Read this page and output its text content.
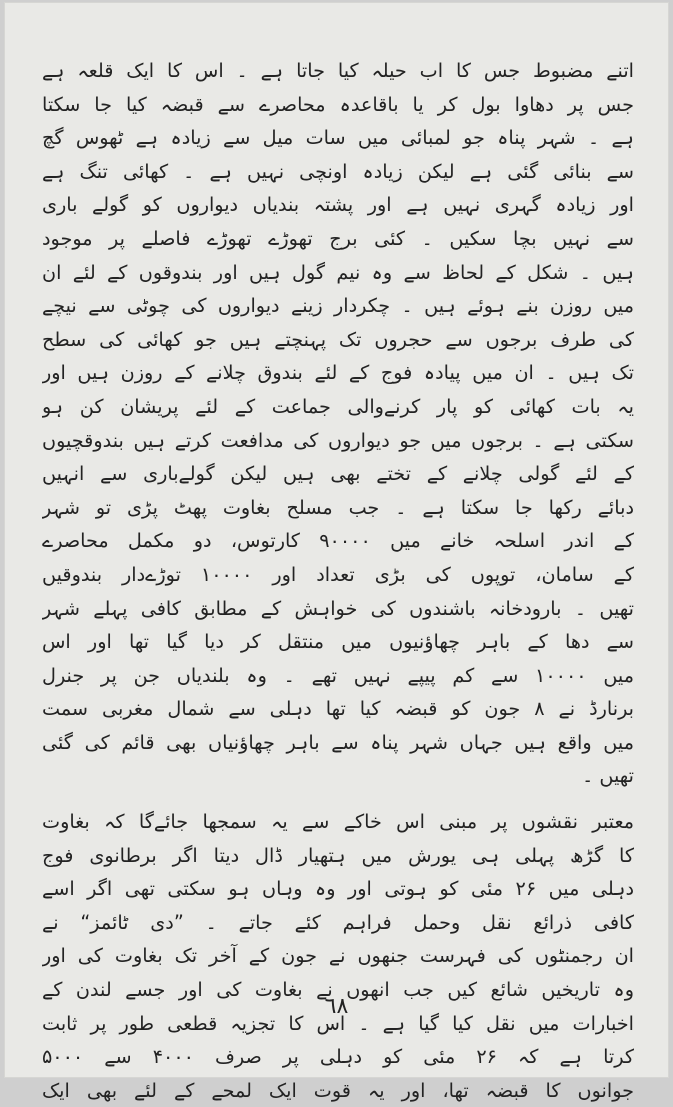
اتنے مضبوط جس کا اب حیلہ کیا جاتا ہے ۔ اس کا ایک قلعہ ہے
جس پر دھاوا بول کر یا باقاعدہ محاصرے سے قبضہ کیا جا سکتا
ہے ۔ شہر پناہ جو لمبائی میں سات میل سے زیادہ ہے ٹھوس گچ
سے بنائی گئی ہے لیکن زیادہ اونچی نہیں ہے ۔ کھائی تنگ ہے
اور زیادہ گہری نہیں ہے اور پشتہ بندیاں دیواروں کو گولے باری
سے نہیں بچا سکیں ۔ کئی برج تھوڑے تھوڑے فاصلے پر موجود
ہیں ۔ شکل کے لحاظ سے وہ نیم گول ہیں اور بندوقوں کے لئے ان
میں روزن بنے ہوئے ہیں ۔ چکردار زینے دیواروں کی چوٹی سے نیچے
کی طرف برجوں سے حجروں تک پہنچتے ہیں جو کھائی کی سطح
تک ہیں ۔ ان میں پیادہ فوج کے لئے بندوق چلانے کے روزن ہیں اور
یہ بات کھائی کو پار کرنےوالی جماعت کے لئے پریشان کن ہو
سکتی ہے ۔ برجوں میں جو دیواروں کی مدافعت کرتے ہیں بندوقچیوں
کے لئے گولی چلانے کے تختے بھی ہیں لیکن گولےباری سے انہیں
دبائے رکھا جا سکتا ہے ۔ جب مسلح بغاوت پھٹ پڑی تو شہر
کے اندر اسلحہ خانے میں ۹۰۰۰۰ کارتوس، دو مکمل محاصرے
کے سامان، توپوں کی بڑی تعداد اور ۱۰۰۰۰ توڑےدار بندوقیں
تھیں ۔ بارودخانہ باشندوں کی خواہش کے مطابق کافی پہلے شہر
سے دھا کے باہر چھاؤنیوں میں منتقل کر دیا گیا تھا اور اس
میں ۱۰۰۰۰ سے کم پیپے نہیں تھے ۔ وہ بلندیاں جن پر جنرل
برنارڈ نے ۸ جون کو قبضہ کیا تھا دہلی سے شمال مغربی سمت
میں واقع ہیں جہاں شہر پناہ سے باہر چھاؤنیاں بھی قائم کی گئی
تھیں ۔
معتبر نقشوں پر مبنی اس خاکے سے یہ سمجھا جائےگا کہ بغاوت
کا گڑھ پہلی ہی یورش میں ہتھیار ڈال دیتا اگر برطانوی فوج
دہلی میں ۲۶ مئی کو ہوتی اور وہ وہاں ہو سکتی تھی اگر اسے
کافی ذرائع نقل وحمل فراہم کئے جاتے ۔ ”دی ٹائمز“ نے
ان رجمنٹوں کی فہرست جنھوں نے جون کے آخر تک بغاوت کی اور
وہ تاریخیں شائع کیں جب انھوں نے بغاوت کی اور جسے لندن کے
اخبارات میں نقل کیا گیا ہے ۔ اس کا تجزیہ قطعی طور پر ثابت
کرتا ہے کہ ۲۶ مئی کو دہلی پر صرف ۴۰۰۰ سے ۵۰۰۰
جوانوں کا قبضہ تھا، اور یہ قوت ایک لمحے کے لئے بھی ایک
٦٨
